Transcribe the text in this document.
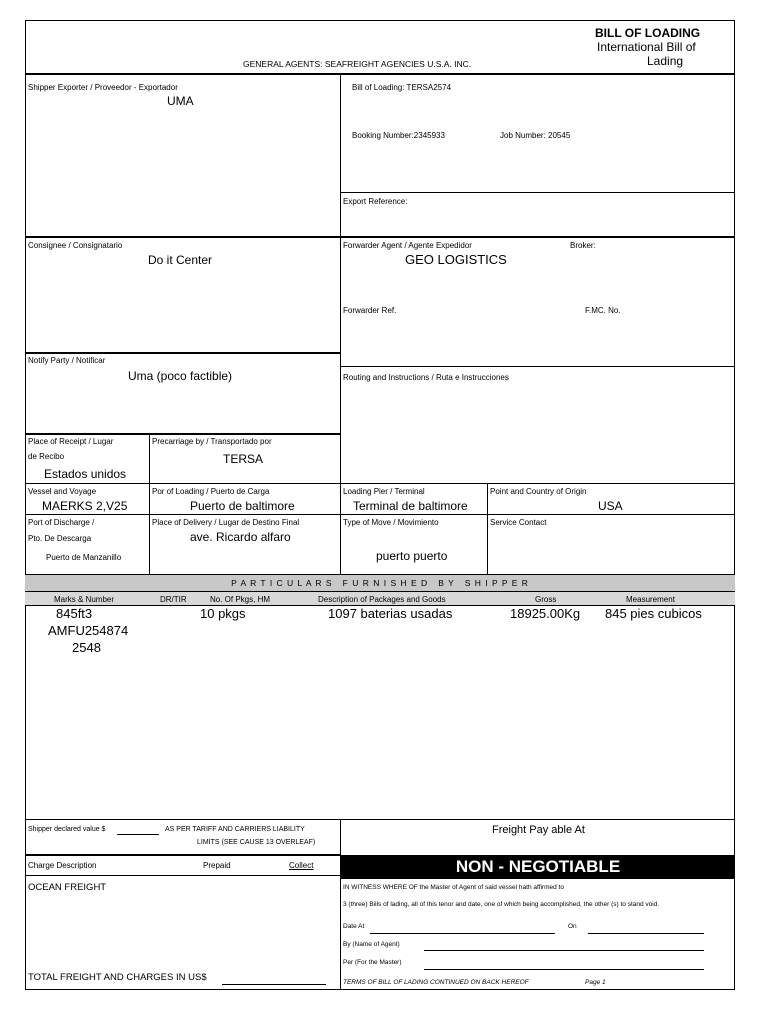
BILL OF LOADING
International Bill of
Lading
GENERAL AGENTS: SEAFREIGHT AGENCIES U.S.A. INC.
Shipper Exporter / Proveedor - Exportador
UMA
Bill of Loading: TERSA2574
Booking Number:2345933	Job Number: 20545
Export Reference:
Consignee / Consignatario
Do it Center
Forwarder Agent / Agente Expedidor	Broker:
GEO LOGISTICS
Forwarder Ref.	F.MC. No.
Notify Party / Notificar
Uma (poco factible)	Routing and Instructions / Ruta e Instrucciones
Place of Receipt / Lugar
de Recibo
Estados unidos
Precarriage by / Transportado por
TERSA
Vessel and Voyage
MAERKS 2,V25
Por of Loading / Puerto de Carga
Puerto de baltimore
Loading Pier / Terminal
Terminal de baltimore
Point and Country of Origin
USA
Port of Discharge /
Pto. De Descarga
Puerto de Manzanillo
Place of Delivery / Lugar de Destino Final
ave. Ricardo alfaro
Type of Move / Movimiento
puerto puerto
Service Contact
P A R T I C U L A R S   F U R N I S H E D   B Y   S H I P P E R
Marks & Number	DR/TIR	No. Of Pkgs, HM	Description of Packages and Goods	Gross	Measurement
845ft3
AMFU254874
2548
10 pkgs	1097 baterias usadas	18925.00Kg 845 pies cubicos
Shipper declared value $	AS PER TARIFF AND CARRIERS LIABILITY
LIMITS (SEE CAUSE 13 OVERLEAF)
Freight Pay able At
Charge Description	Prepaid	Collect
OCEAN FREIGHT
TOTAL FREIGHT AND CHARGES IN US$
NON - NEGOTIABLE
IN WITNESS WHERE OF the Master of Agent of said vessel hath affirmed to
3 (three) Bills of lading, all of this tenor and date, one of which being accomplished, the other (s) to stand void.
Date At	On
By (Name of Agent)
Per (For the Master)
TERMS OF BILL OF LADING CONTINUED ON BACK HEREOF	Page 1
